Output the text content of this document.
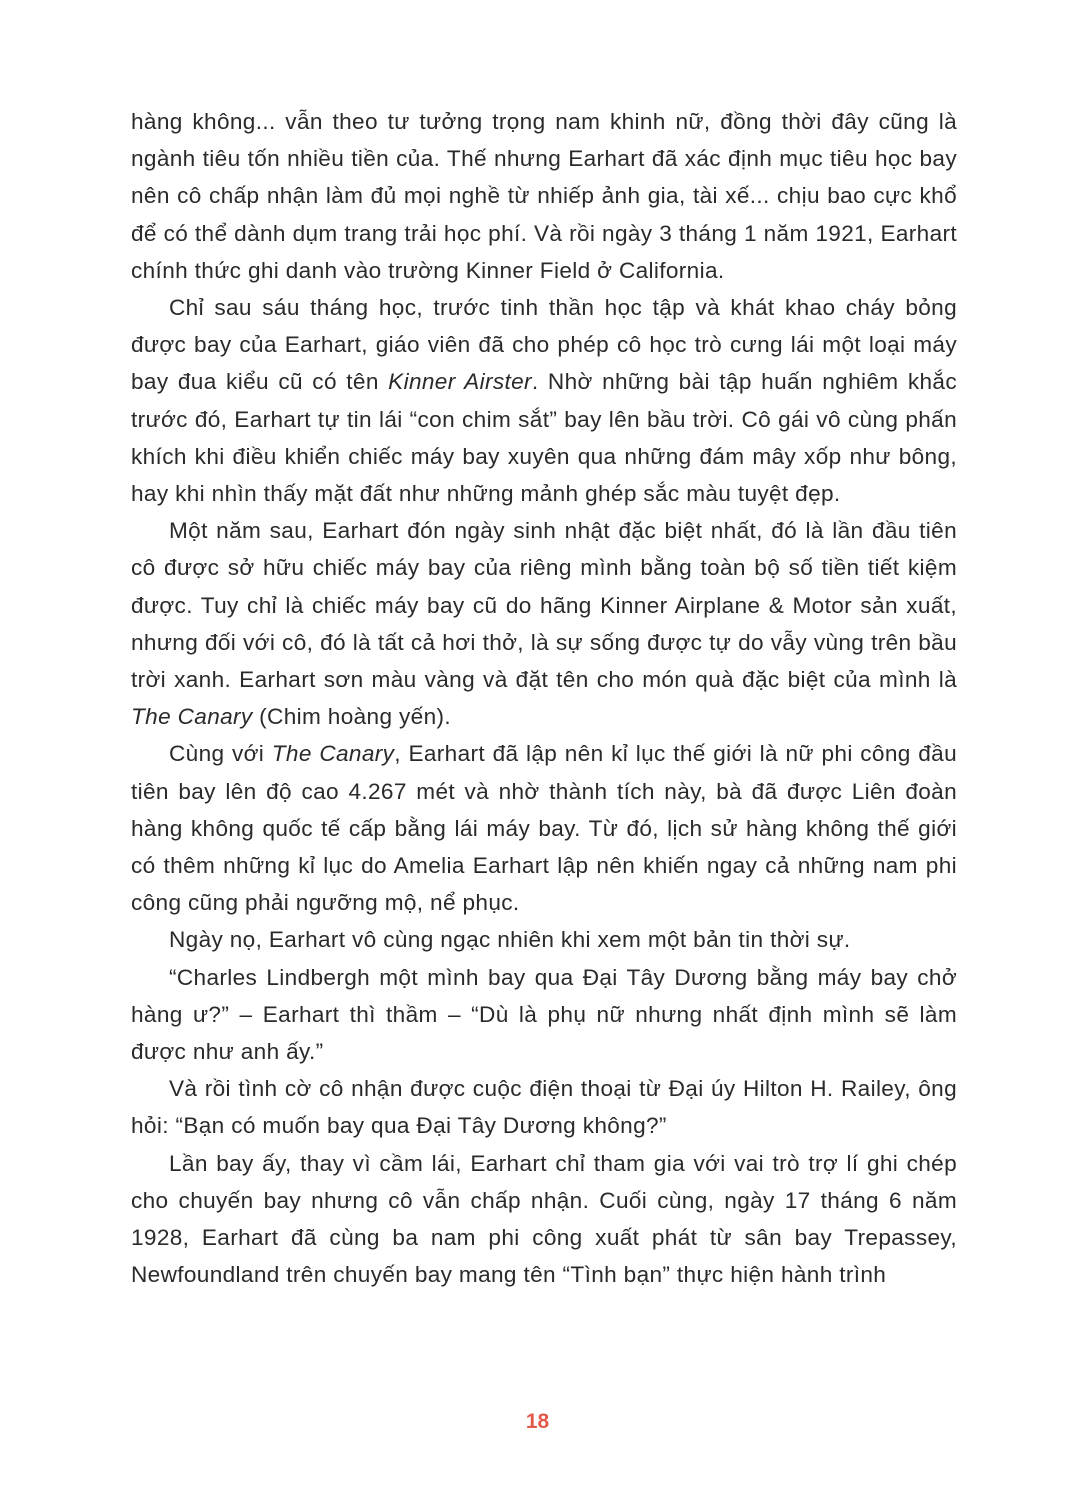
hàng không... vẫn theo tư tưởng trọng nam khinh nữ, đồng thời đây cũng là ngành tiêu tốn nhiều tiền của. Thế nhưng Earhart đã xác định mục tiêu học bay nên cô chấp nhận làm đủ mọi nghề từ nhiếp ảnh gia, tài xế... chịu bao cực khổ để có thể dành dụm trang trải học phí. Và rồi ngày 3 tháng 1 năm 1921, Earhart chính thức ghi danh vào trường Kinner Field ở California.

Chỉ sau sáu tháng học, trước tinh thần học tập và khát khao cháy bỏng được bay của Earhart, giáo viên đã cho phép cô học trò cưng lái một loại máy bay đua kiểu cũ có tên Kinner Airster. Nhờ những bài tập huấn nghiêm khắc trước đó, Earhart tự tin lái “con chim sắt” bay lên bầu trời. Cô gái vô cùng phấn khích khi điều khiển chiếc máy bay xuyên qua những đám mây xốp như bông, hay khi nhìn thấy mặt đất như những mảnh ghép sắc màu tuyệt đẹp.

Một năm sau, Earhart đón ngày sinh nhật đặc biệt nhất, đó là lần đầu tiên cô được sở hữu chiếc máy bay của riêng mình bằng toàn bộ số tiền tiết kiệm được. Tuy chỉ là chiếc máy bay cũ do hãng Kinner Airplane & Motor sản xuất, nhưng đối với cô, đó là tất cả hơi thở, là sự sống được tự do vẫy vùng trên bầu trời xanh. Earhart sơn màu vàng và đặt tên cho món quà đặc biệt của mình là The Canary (Chim hoàng yến).

Cùng với The Canary, Earhart đã lập nên kỉ lục thế giới là nữ phi công đầu tiên bay lên độ cao 4.267 mét và nhờ thành tích này, bà đã được Liên đoàn hàng không quốc tế cấp bằng lái máy bay. Từ đó, lịch sử hàng không thế giới có thêm những kỉ lục do Amelia Earhart lập nên khiến ngay cả những nam phi công cũng phải ngưỡng mộ, nể phục.

Ngày nọ, Earhart vô cùng ngạc nhiên khi xem một bản tin thời sự.

“Charles Lindbergh một mình bay qua Đại Tây Dương bằng máy bay chở hàng ư?” – Earhart thì thầm – “Dù là phụ nữ nhưng nhất định mình sẽ làm được như anh ấy.”

Và rồi tình cờ cô nhận được cuộc điện thoại từ Đại úy Hilton H. Railey, ông hỏi: “Bạn có muốn bay qua Đại Tây Dương không?”

Lần bay ấy, thay vì cầm lái, Earhart chỉ tham gia với vai trò trợ lí ghi chép cho chuyến bay nhưng cô vẫn chấp nhận. Cuối cùng, ngày 17 tháng 6 năm 1928, Earhart đã cùng ba nam phi công xuất phát từ sân bay Trepassey, Newfoundland trên chuyến bay mang tên “Tình bạn” thực hiện hành trình

18
